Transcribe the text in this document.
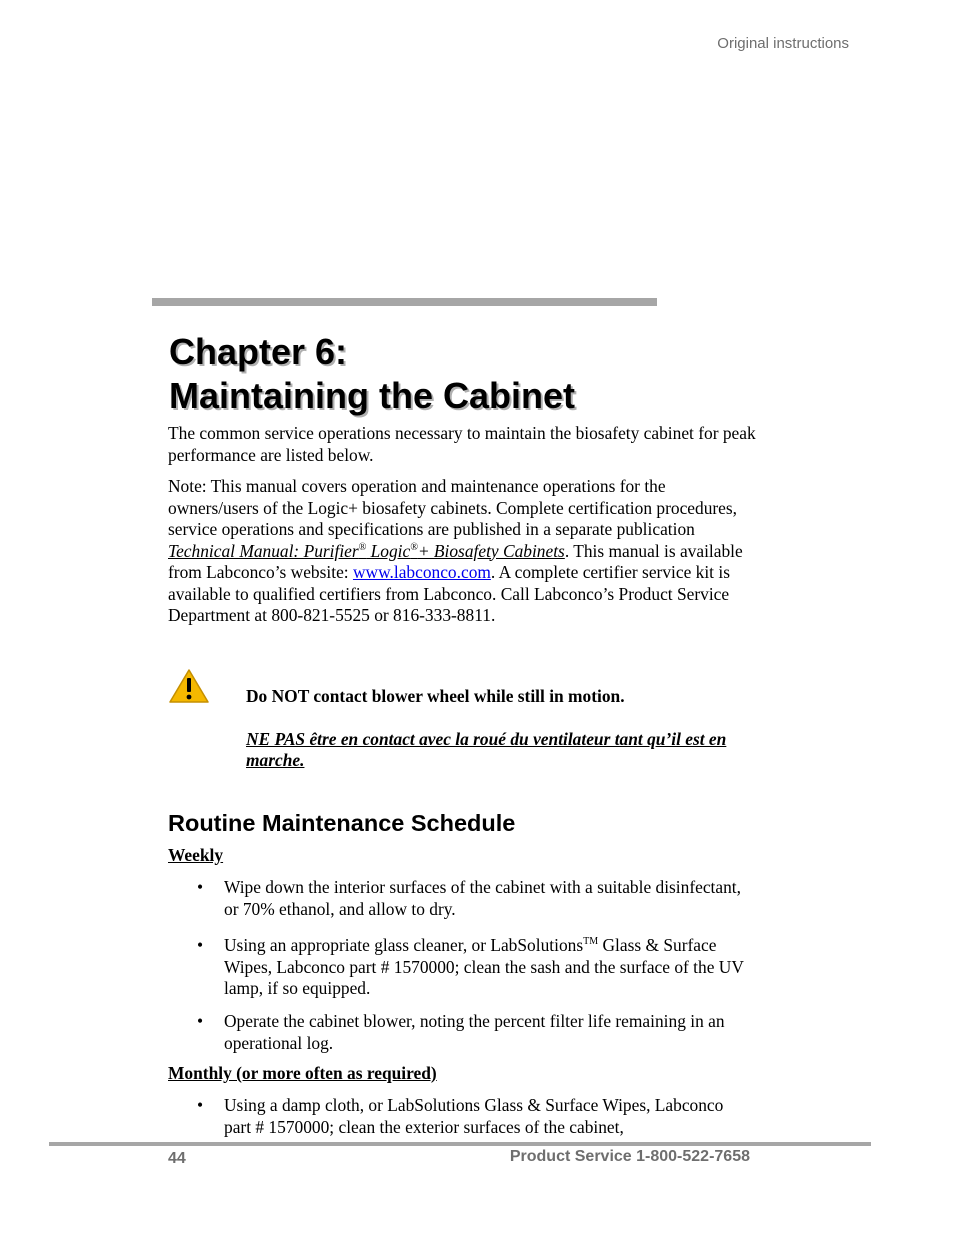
Original instructions
Chapter 6:
Maintaining the Cabinet

The common service operations necessary to maintain the biosafety cabinet for peak performance are listed below.

Note: This manual covers operation and maintenance operations for the owners/users of the Logic+ biosafety cabinets. Complete certification procedures, service operations and specifications are published in a separate publication Technical Manual: Purifier® Logic®+ Biosafety Cabinets. This manual is available from Labconco’s website: www.labconco.com. A complete certifier service kit is available to qualified certifiers from Labconco. Call Labconco’s Product Service Department at 800-821-5525 or 816-333-8811.

Do NOT contact blower wheel while still in motion.

NE PAS être en contact avec la roué du ventilateur tant qu’il est en marche.

Routine Maintenance Schedule

Weekly

•	Wipe down the interior surfaces of the cabinet with a suitable disinfectant, or 70% ethanol, and allow to dry.

•	Using an appropriate glass cleaner, or LabSolutions™ Glass & Surface Wipes, Labconco part # 1570000; clean the sash and the surface of the UV lamp, if so equipped.

•	Operate the cabinet blower, noting the percent filter life remaining in an operational log.

Monthly (or more often as required)

•	Using a damp cloth, or LabSolutions Glass & Surface Wipes, Labconco part # 1570000; clean the exterior surfaces of the cabinet,

44	Product Service 1-800-522-7658
